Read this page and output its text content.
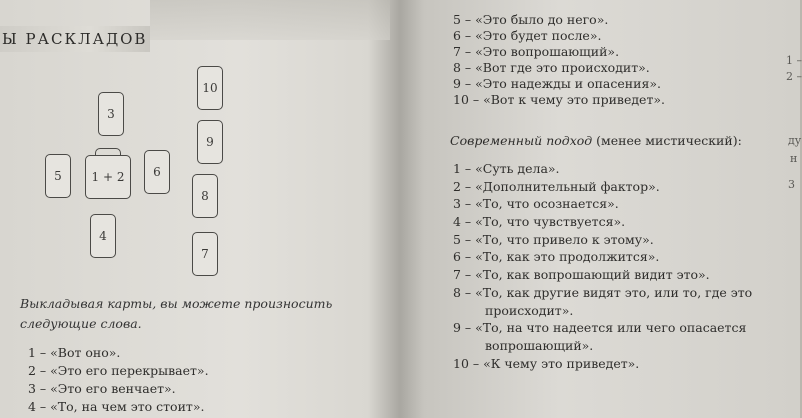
Ы РАСКЛАДОВ
3
10
9
5	1 + 2	6
8
4
7
Выкладывая карты, вы можете произносить следующие слова.
1 – «Вот оно».
2 – «Это его перекрывает».
3 – «Это его венчает».
4 – «То, на чем это стоит».
5 – «Это было до него».
6 – «Это будет после».
7 – «Это вопрошающий».
8 – «Вот где это происходит».
9 – «Это надежды и опасения».
10 – «Вот к чему это приведет».
Современный подход (менее мистический):
1 – «Суть дела».
2 – «Дополнительный фактор».
3 – «То, что осознается».
4 – «То, что чувствуется».
5 – «То, что привело к этому».
6 – «То, как это продолжится».
7 – «То, как вопрошающий видит это».
8 – «То, как другие видят это, или то, где это
происходит».
9 – «То, на что надеется или чего опасается
вопрошающий».
10 – «К чему это приведет».
1 –
2 –
ду
н
3
